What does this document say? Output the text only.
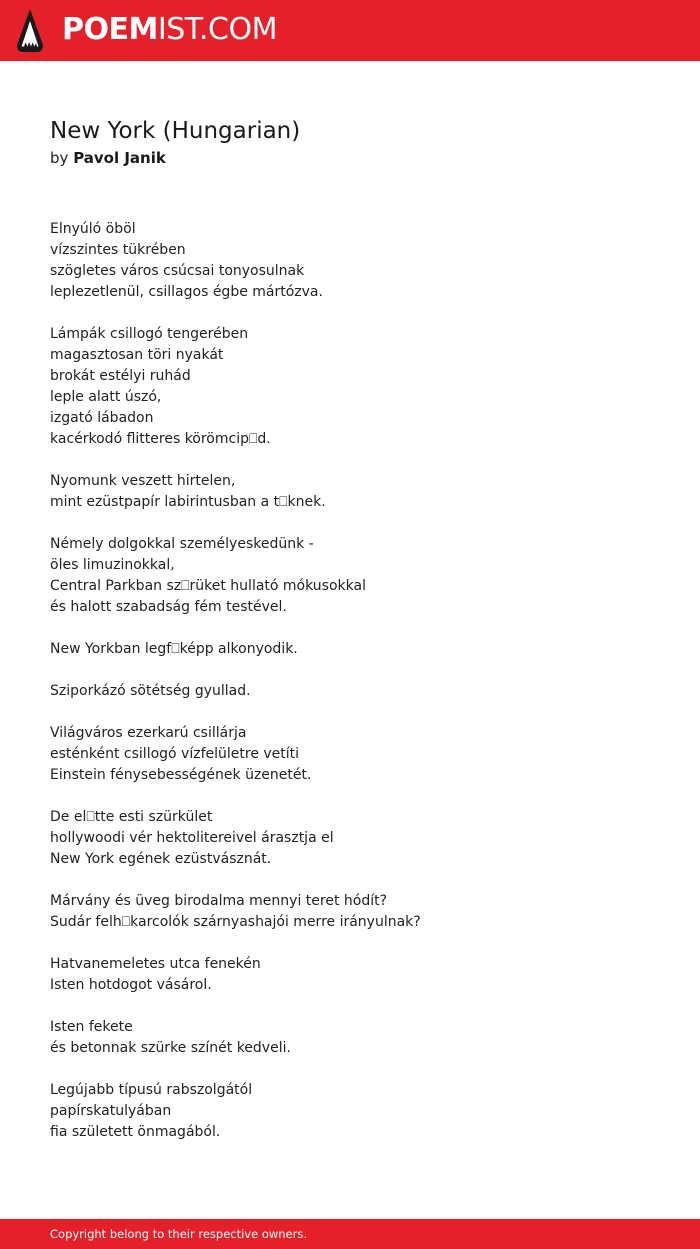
POEMIST.COM
New York (Hungarian)
by Pavol Janik
Elnyúló öböl
vízszintes tükrében
szögletes város csúcsai tonyosulnak
leplezetlenül, csillagos égbe mártózva.
Lámpák csillogó tengerében
magasztosan töri nyakát
brokát estélyi ruhád
leple alatt úszó,
izgató lábadon
kacérkodó flitteres körömcip⎕d.
Nyomunk veszett hirtelen,
mint ezüstpapír labirintusban a t⎕knek.
Némely dolgokkal személyeskedünk -
öles limuzinokkal,
Central Parkban sz⎕rüket hullató mókusokkal
és halott szabadság fém testével.
New Yorkban legf⎕képp alkonyodik.
Sziporkázó sötétség gyullad.
Világváros ezerkarú csillárja
esténként csillogó vízfelületre vetíti
Einstein fénysebességének üzenetét.
De el⎕tte esti szürkület
hollywoodi vér hektolitereivel árasztja el
New York egének ezüstvásznát.
Márvány és üveg birodalma mennyi teret hódít?
Sudár felh⎕karcolók szárnyashajói merre irányulnak?
Hatvanemeletes utca fenekén
Isten hotdogot vásárol.
Isten fekete
és betonnak szürke színét kedveli.
Legújabb típusú rabszolgától
papírskatulyában
fia született önmagából.
Copyright belong to their respective owners.
